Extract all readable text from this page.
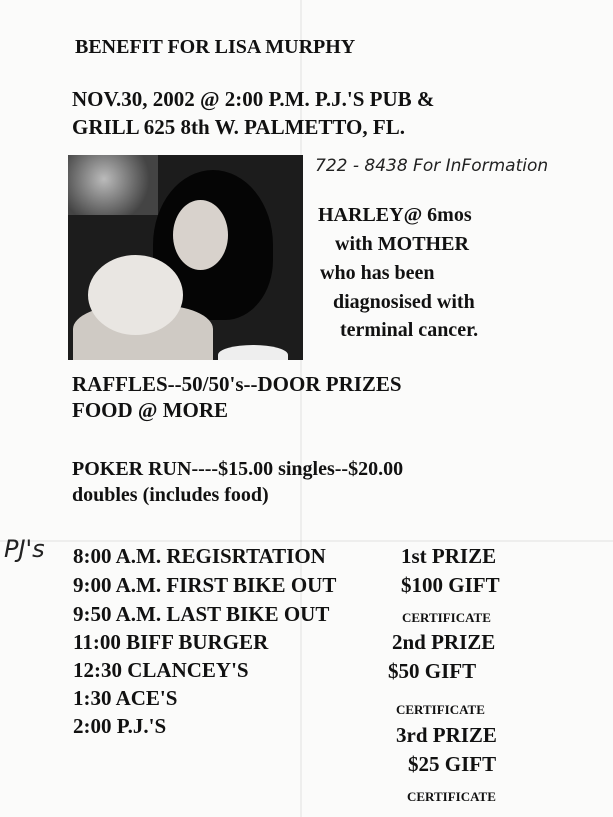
BENEFIT FOR LISA MURPHY
NOV.30, 2002 @ 2:00 P.M. P.J.'S PUB &
GRILL 625 8th W. PALMETTO, FL.
722 - 8438 For InFormation
HARLEY@ 6mos
with MOTHER
who has been
diagnosised with
terminal cancer.
RAFFLES--50/50's--DOOR PRIZES
FOOD @ MORE
POKER RUN----$15.00 singles--$20.00
doubles (includes food)
PJ's 8:00 A.M. REGISRTATION
9:00 A.M. FIRST BIKE OUT
9:50 A.M. LAST BIKE OUT
11:00 BIFF BURGER
12:30 CLANCEY'S
1:30 ACE'S
2:00 P.J.'S
1st PRIZE
$100 GIFT
CERTIFICATE
2nd PRIZE
$50 GIFT
CERTIFICATE
3rd PRIZE
$25 GIFT
CERTIFICATE
